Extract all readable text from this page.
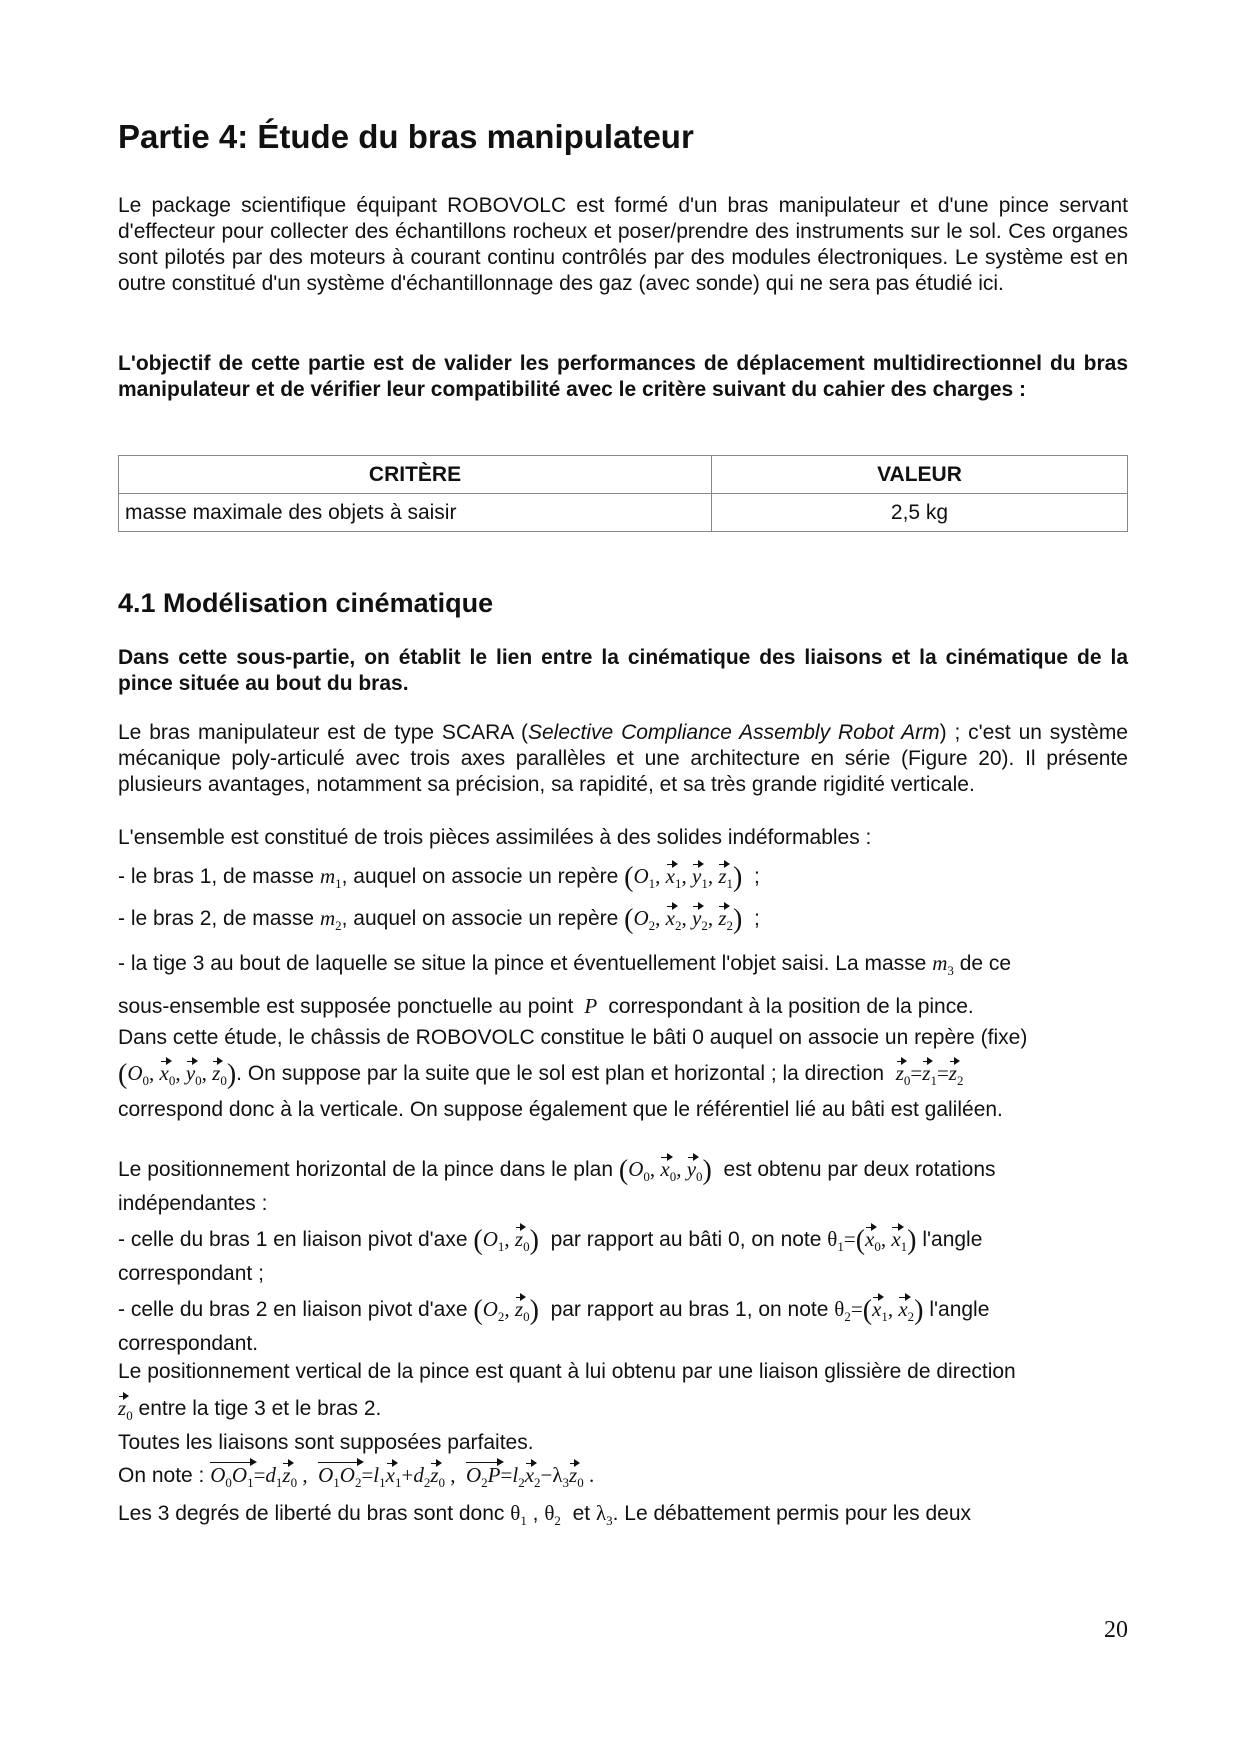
Partie 4: Étude du bras manipulateur

Le package scientifique équipant ROBOVOLC est formé d'un bras manipulateur et d'une pince servant d'effecteur pour collecter des échantillons rocheux et poser/prendre des instruments sur le sol. Ces organes sont pilotés par des moteurs à courant continu contrôlés par des modules électroniques. Le système est en outre constitué d'un système d'échantillonnage des gaz (avec sonde) qui ne sera pas étudié ici.

L'objectif de cette partie est de valider les performances de déplacement multidirectionnel du bras manipulateur et de vérifier leur compatibilité avec le critère suivant du cahier des charges :

CRITÈRE	VALEUR
masse maximale des objets à saisir	2,5 kg
4.1 Modélisation cinématique

Dans cette sous-partie, on établit le lien entre la cinématique des liaisons et la cinématique de la pince située au bout du bras.

Le bras manipulateur est de type SCARA (Selective Compliance Assembly Robot Arm) ; c'est un système mécanique poly-articulé avec trois axes parallèles et une architecture en série (Figure 20). Il présente plusieurs avantages, notamment sa précision, sa rapidité, et sa très grande rigidité verticale.

L'ensemble est constitué de trois pièces assimilées à des solides indéformables :

- le bras 1, de masse $m_1$, auquel on associe un repère ($O_1$, $x_1$, $y_1$, $z_1$) ;

- le bras 2, de masse $m_2$, auquel on associe un repère ($O_2$, $x_2$, $y_2$, $z_2$) ;

- la tige 3 au bout de laquelle se situe la pince et éventuellement l'objet saisi. La masse $m_3$ de ce

sous-ensemble est supposée ponctuelle au point  P  correspondant à la position de la pince.

Dans cette étude, le châssis de ROBOVOLC constitue le bâti 0 auquel on associe un repère (fixe)

($O_0$, $x_0$, $y_0$, $z_0$). On suppose par la suite que le sol est plan et horizontal ; la direction $z_0=z_1=z_2$

correspond donc à la verticale. On suppose également que le référentiel lié au bâti est galiléen.

Le positionnement horizontal de la pince dans le plan ($O_0$, $x_0$, $y_0$) est obtenu par deux rotations

indépendantes :

- celle du bras 1 en liaison pivot d'axe ($O_1$, $z_0$) par rapport au bâti 0, on note $\theta_1=(x_0$, $x_1$) l'angle

correspondant ;

- celle du bras 2 en liaison pivot d'axe ($O_2$, $z_0$) par rapport au bras 1, on note $\theta_2=(x_1$, $x_2$) l'angle

correspondant.

Le positionnement vertical de la pince est quant à lui obtenu par une liaison glissière de direction

$z_0$ entre la tige 3 et le bras 2.

Toutes les liaisons sont supposées parfaites.

On note : $O_0O_1=d_1z_0$ ,  $O_1O_2=l_1x_1+d_2z_0$ ,  $O_2P=l_2x_2-\lambda_3z_0$ .

Les 3 degrés de liberté du bras sont donc $\theta_1$ , $\theta_2$ et $\lambda_3$. Le débattement permis pour les deux

20
